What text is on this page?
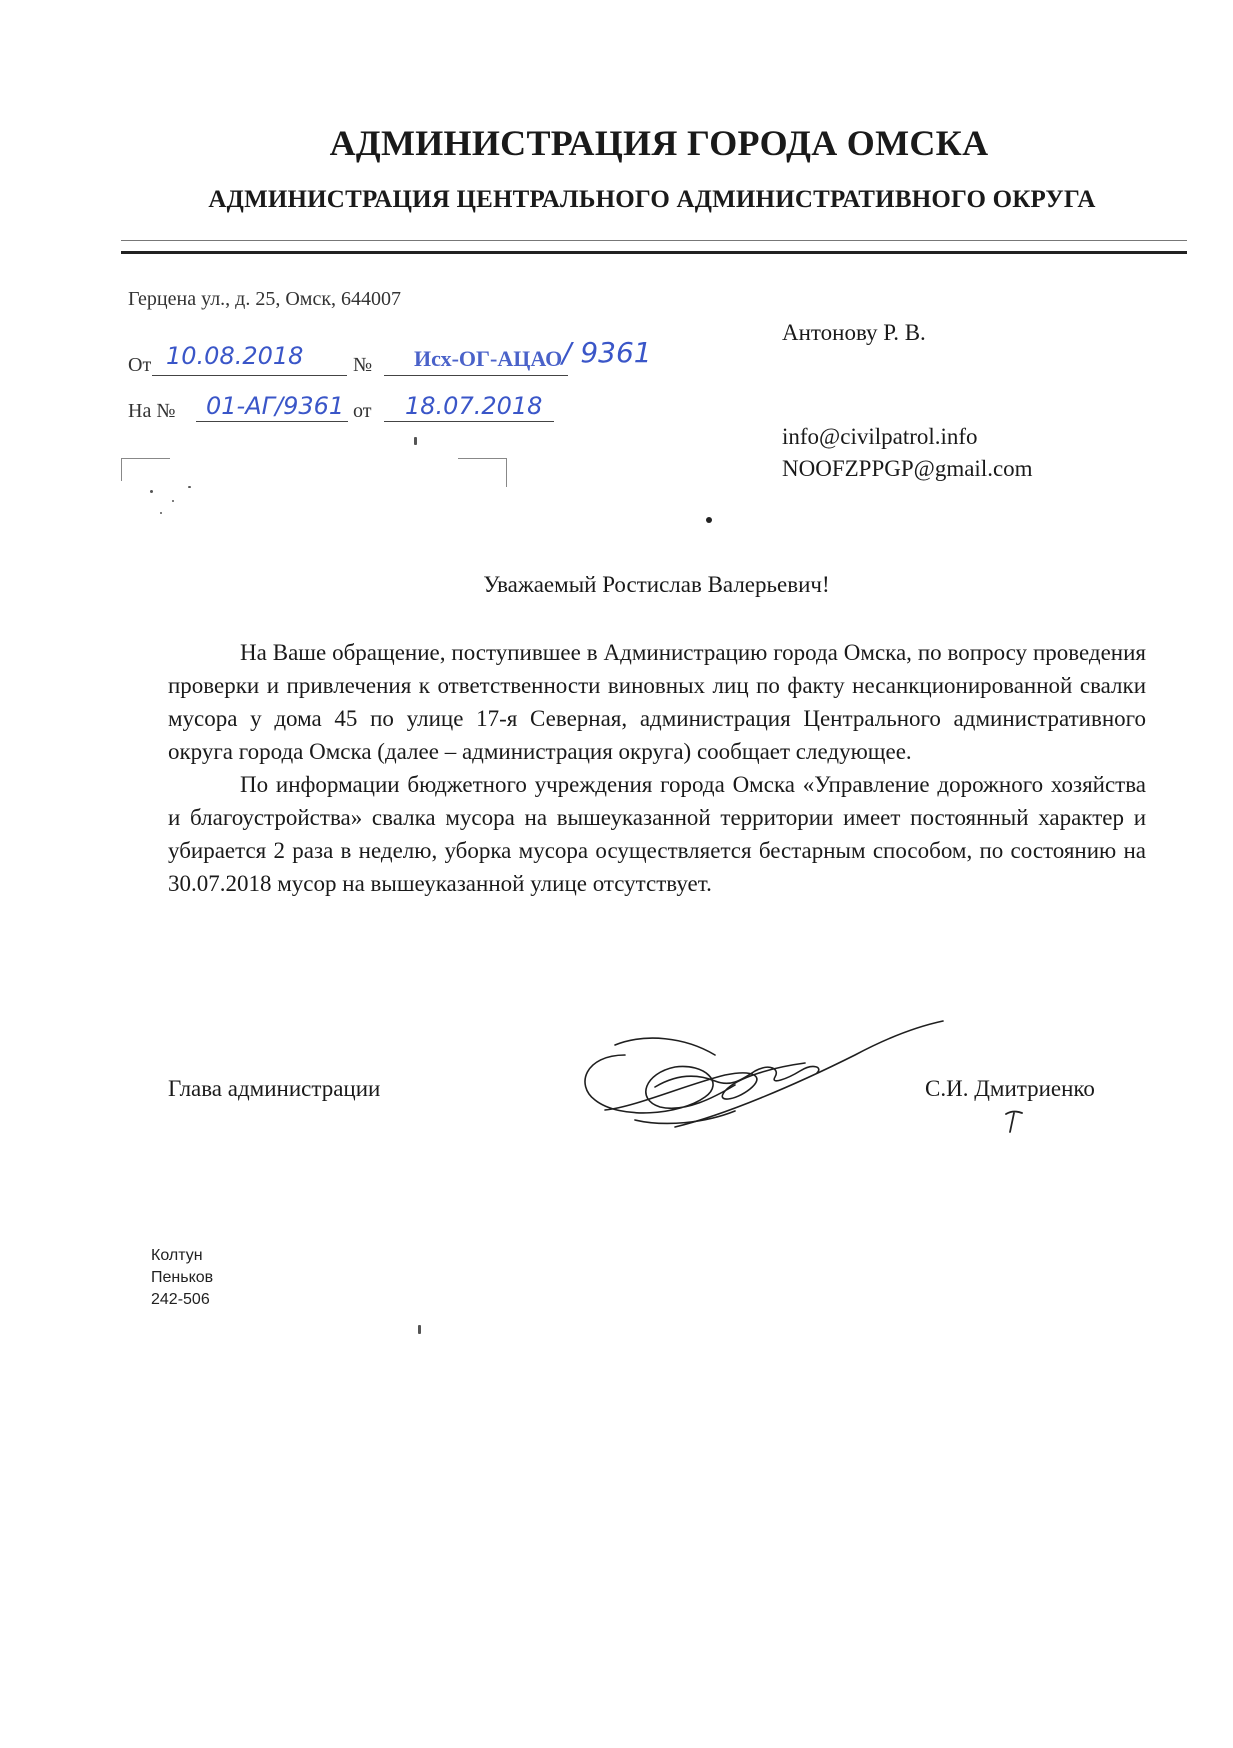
АДМИНИСТРАЦИЯ ГОРОДА ОМСКА
АДМИНИСТРАЦИЯ ЦЕНТРАЛЬНОГО АДМИНИСТРАТИВНОГО ОКРУГА
Герцена ул., д. 25, Омск, 644007
От 10.08.2018 № Исх-ОГ-АЦАО / 9361
На № 01-АГ/9361 от 18.07.2018
Антонову Р. В.
info@civilpatrol.info
NOOFZPPGP@gmail.com
Уважаемый Ростислав Валерьевич!

На Ваше обращение, поступившее в Администрацию города Омска, по вопросу проведения проверки и привлечения к ответственности виновных лиц по факту несанкционированной свалки мусора у дома 45 по улице 17-я Северная, администрация Центрального административного округа города Омска (далее – администрация округа) сообщает следующее.

По информации бюджетного учреждения города Омска «Управление дорожного хозяйства и благоустройства» свалка мусора на вышеуказанной территории имеет постоянный характер и убирается 2 раза в неделю, уборка мусора осуществляется бестарным способом, по состоянию на 30.07.2018 мусор на вышеуказанной улице отсутствует.

Глава администрации	С.И. Дмитриенко
Колтун
Пеньков
242-506
